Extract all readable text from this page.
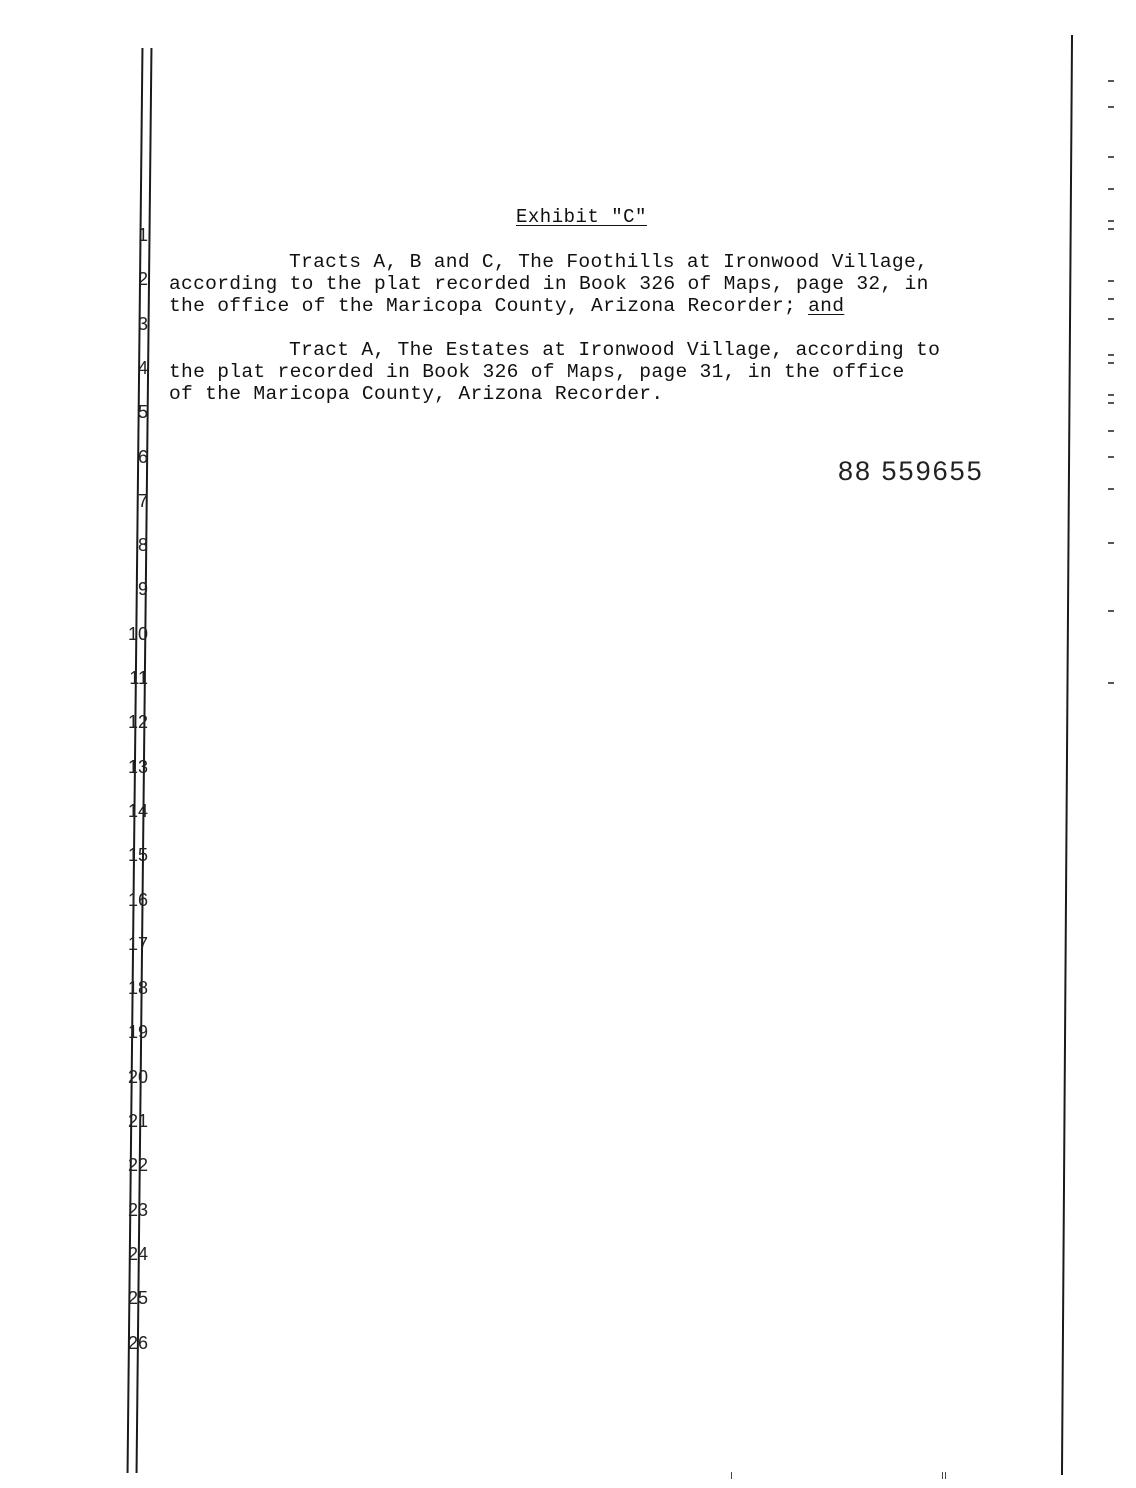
1
2
3
4
5
6
7
8
9
10
11
12
13
14
15
16
17
18
19
20
21
22
23
24
25
26
Exhibit "C"
Tracts A, B and C, The Foothills at Ironwood Village,
according to the plat recorded in Book 326 of Maps, page 32, in
the office of the Maricopa County, Arizona Recorder; and
Tract A, The Estates at Ironwood Village, according to
the plat recorded in Book 326 of Maps, page 31, in the office
of the Maricopa County, Arizona Recorder.
88 559655
